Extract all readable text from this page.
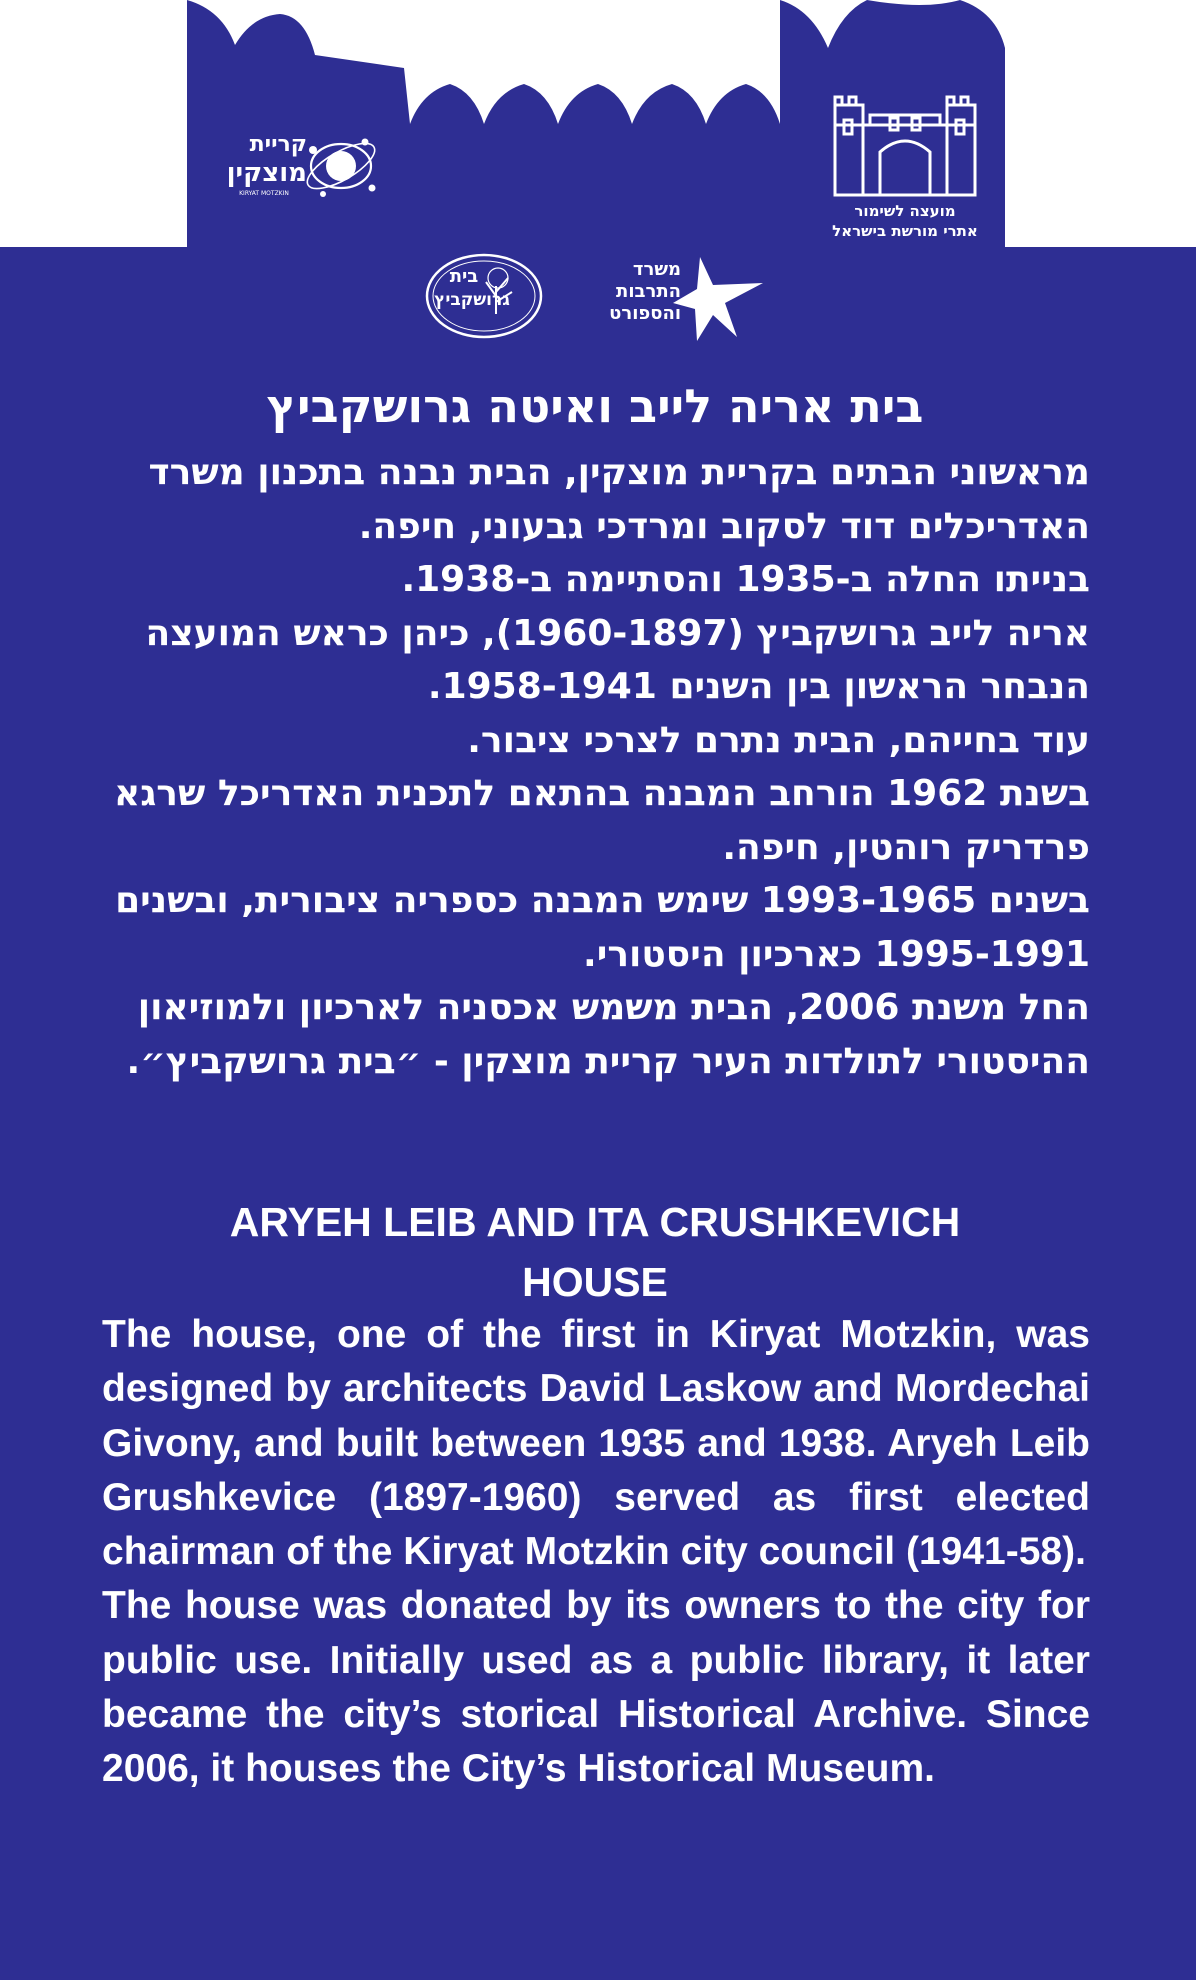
קריית
מוצקין
KIRYAT MOTZKIN
מועצה לשימור
אתרי מורשת בישראל
בית
גרושקביץ
משרד
התרבות
והספורט
בית אריה לייב ואיטה גרושקביץ

מראשוני הבתים בקריית מוצקין, הבית נבנה בתכנון משרד האדריכלים דוד לסקוב ומרדכי גבעוני, חיפה.

בנייתו החלה ב-1935 והסתיימה ב-1938.

אריה לייב גרושקביץ (1960-1897), כיהן כראש המועצה הנבחר הראשון בין השנים 1958-1941.

עוד בחייהם, הבית נתרם לצרכי ציבור.

בשנת 1962 הורחב המבנה בהתאם לתכנית האדריכל שרגא פרדריק רוהטין, חיפה.

בשנים 1993-1965 שימש המבנה כספריה ציבורית, ובשנים 1995-1991 כארכיון היסטורי.

החל משנת 2006, הבית משמש אכסניה לארכיון ולמוזיאון ההיסטורי לתולדות העיר קריית מוצקין - ״בית גרושקביץ״.

ARYEH LEIB AND ITA CRUSHKEVICH
HOUSE

The house, one of the first in Kiryat Motzkin, was designed by architects David Laskow and Mordechai Givony, and built between 1935 and 1938. Aryeh Leib Grushkevice (1897-1960) served as first elected chairman of the Kiryat Motzkin city council (1941-58).

The house was donated by its owners to the city for public use. Initially used as a public library, it later became the city’s storical Historical Archive. Since 2006, it houses the City’s Historical Museum.
